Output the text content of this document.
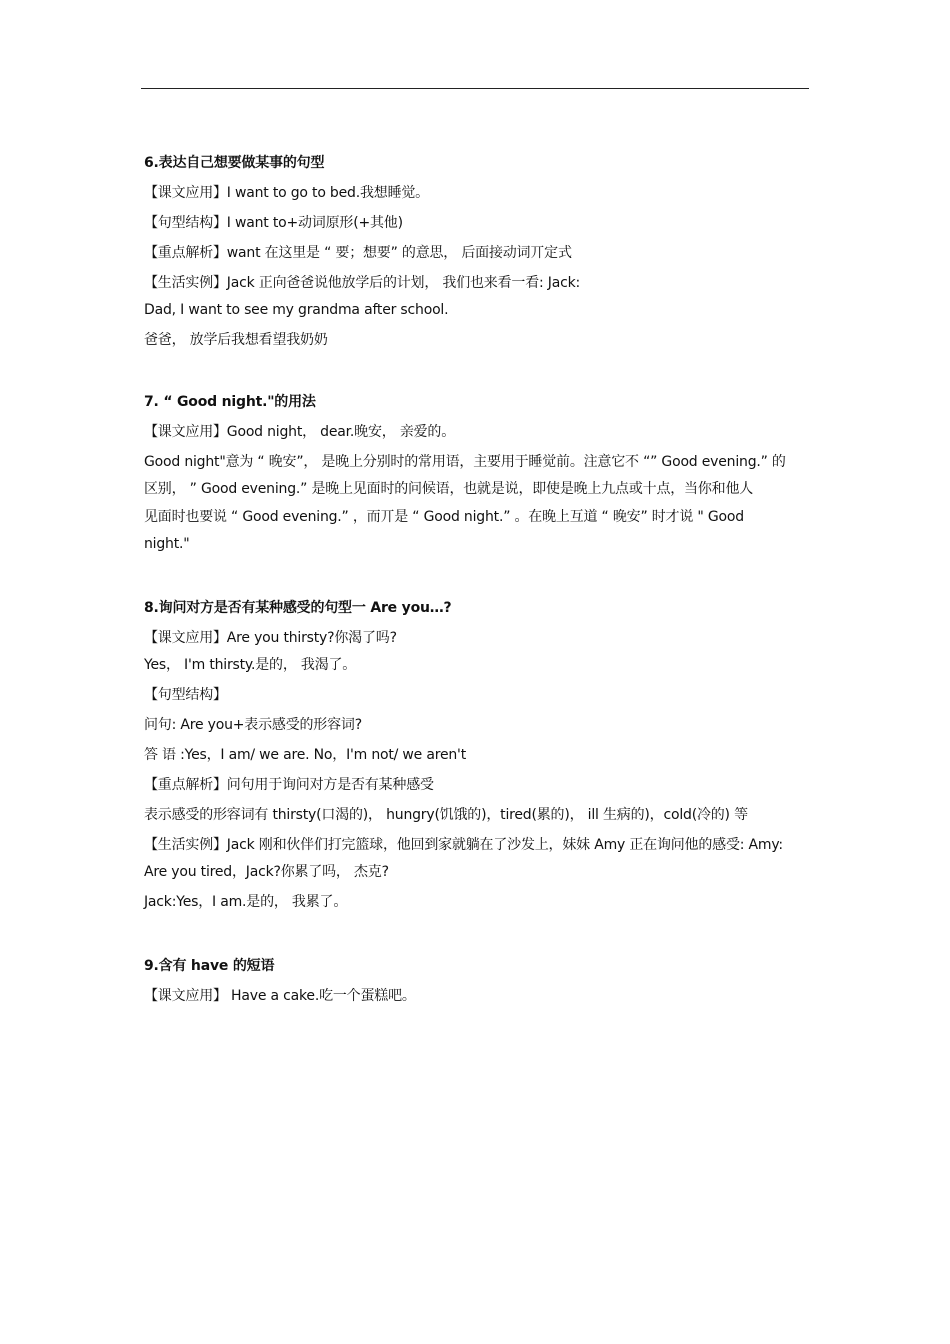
6.表达自己想要做某事的句型

【课文应用】I want to go to bed.我想睡觉。

【句型结构】I want to+动词原形(+其他)

【重点解析】want 在这里是 “ 要；想要” 的意思， 后面接动词丌定式

【生活实例】Jack 正向爸爸说他放学后的计划， 我们也来看一看: Jack:

Dad, I want to see my grandma after school.

爸爸， 放学后我想看望我奶奶

7. “ Good night."的用法

【课文应用】Good night， dear.晚安， 亲爱的。

Good night"意为 “ 晚安”， 是晚上分别时的常用语，主要用于睡觉前。注意它不 “” Good evening.” 的

区别， ” Good evening.” 是晚上见面时的问候语，也就是说，即使是晚上九点或十点，当你和他人

见面时也要说 “ Good evening.” ，而丌是 “ Good night.” 。在晚上互道 “ 晚安” 时才说 " Good

night."

8.询问对方是否有某种感受的句型一 Are you…?

【课文应用】Are you thirsty?你渴了吗?

Yes， I'm thirsty.是的， 我渴了。

【句型结构】

问句: Are you+表示感受的形容词?

答 语 :Yes，I am/ we are. No，I'm not/ we aren't

【重点解析】问句用于询问对方是否有某种感受

表示感受的形容词有 thirsty(口渴的)， hungry(饥饿的)，tired(累的)， ill 生病的)，cold(冷的) 等

【生活实例】Jack 刚和伙伴们打完篮球，他回到家就躺在了沙发上，妹妹 Amy 正在询问他的感受: Amy:

Are you tired，Jack?你累了吗， 杰克?

Jack:Yes，I am.是的， 我累了。

9.含有 have 的短语

【课文应用】 Have a cake.吃一个蛋糕吧。
